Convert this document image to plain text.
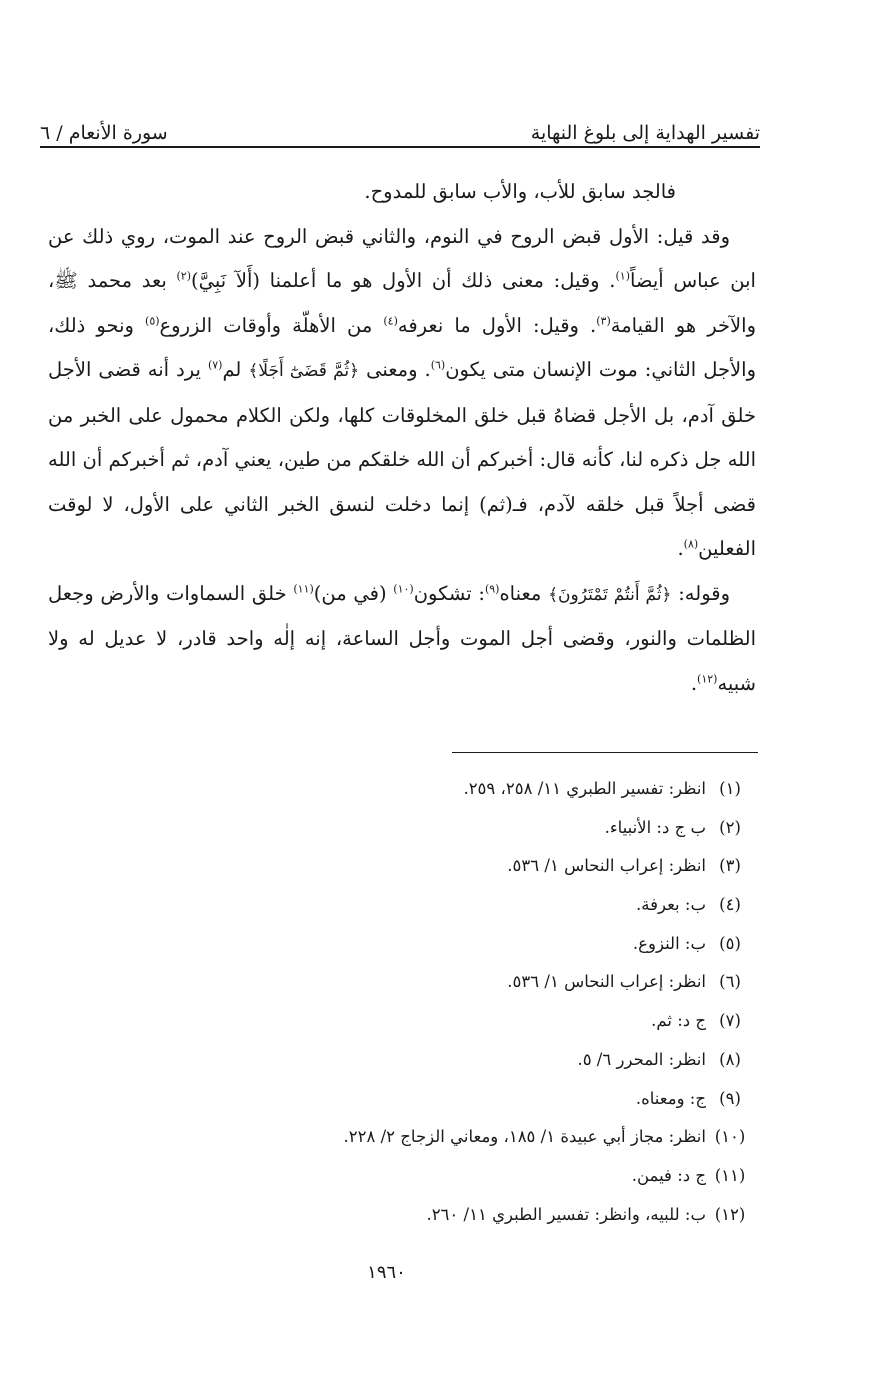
تفسير الهداية إلى بلوغ النهاية
سورة الأنعام / ٦

فالجد سابق للأب، والأب سابق للمدوح.

وقد قيل: الأول قبض الروح في النوم، والثاني قبض الروح عند الموت، روي ذلك عن ابن عباس أيضاً$^{(١)}$. وقيل: معنى ذلك أن الأول هو ما أعلمنا (أَلآ نَبِيَّ)$^{(٢)}$ بعد محمد ﷺ، والآخر هو القيامة$^{(٣)}$. وقيل: الأول ما نعرفه$^{(٤)}$ من الأهلّة وأوقات الزروع$^{(٥)}$ ونحو ذلك، والأجل الثاني: موت الإنسان متى يكون$^{(٦)}$. ومعنى ﴿ثُمَّ قَضَىٰٓ أَجَلًا﴾ لم$^{(٧)}$ يرد أنه قضى الأجل خلق آدم، بل الأجل قضاهُ قبل خلق المخلوقات كلها، ولكن الكلام محمول على الخبر من الله جل ذكره لنا، كأنه قال: أخبركم أن الله خلقكم من طين، يعني آدم، ثم أخبركم أن الله قضى أجلاً قبل خلقه لآدم، فـ(ثم) إنما دخلت لنسق الخبر الثاني على الأول، لا لوقت الفعلين$^{(٨)}$.

وقوله: ﴿ثُمَّ أَنتُمْ تَمْتَرُونَ﴾ معناه$^{(٩)}$: تشكون$^{(١٠)}$ (في من)$^{(١١)}$ خلق السماوات والأرض وجعل الظلمات والنور، وقضى أجل الموت وأجل الساعة، إنه إلٰه واحد قادر، لا عديل له ولا شبيه$^{(١٢)}$.

(١)
انظر: تفسير الطبري ١١/ ٢٥٨، ٢٥٩.
(٢)
ب ج د: الأنبياء.
(٣)
انظر: إعراب النحاس ١/ ٥٣٦.
(٤)
ب: بعرفة.
(٥)
ب: النزوع.
(٦)
انظر: إعراب النحاس ١/ ٥٣٦.
(٧)
ج د: ثم.
(٨)
انظر: المحرر ٦/ ٥.
(٩)
ج: ومعناه.
(١٠)
انظر: مجاز أبي عبيدة ١/ ١٨٥، ومعاني الزجاج ٢/ ٢٢٨.
(١١)
ج د: فيمن.
(١٢)
ب: للبيه، وانظر: تفسير الطبري ١١/ ٢٦٠.
١٩٦٠
